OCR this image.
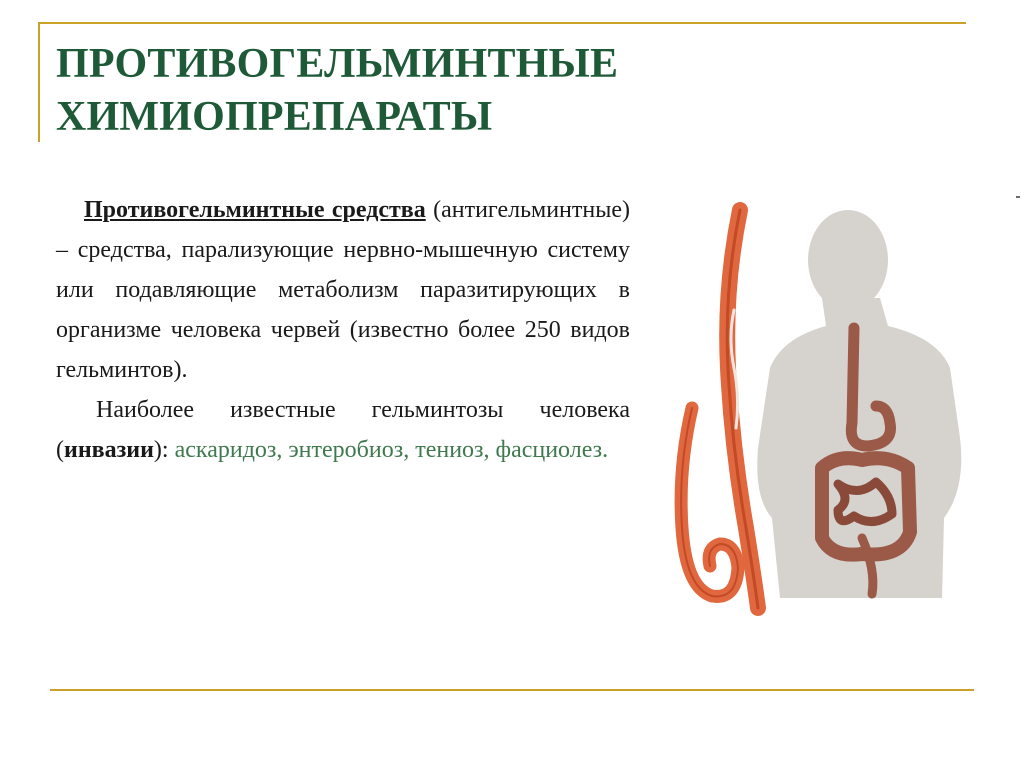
ПРОТИВОГЕЛЬМИНТНЫЕ
ХИМИОПРЕПАРАТЫ

Противогельминтные средства (антигельминтные) – средства, парализующие нервно-мышечную систему или подавляющие метаболизм паразитирующих в организме человека червей (известно более 250 видов гельминтов).

Наиболее известные гельминтозы человека (инвазии): аскаридоз, энтеробиоз, тениоз, фасциолез.
